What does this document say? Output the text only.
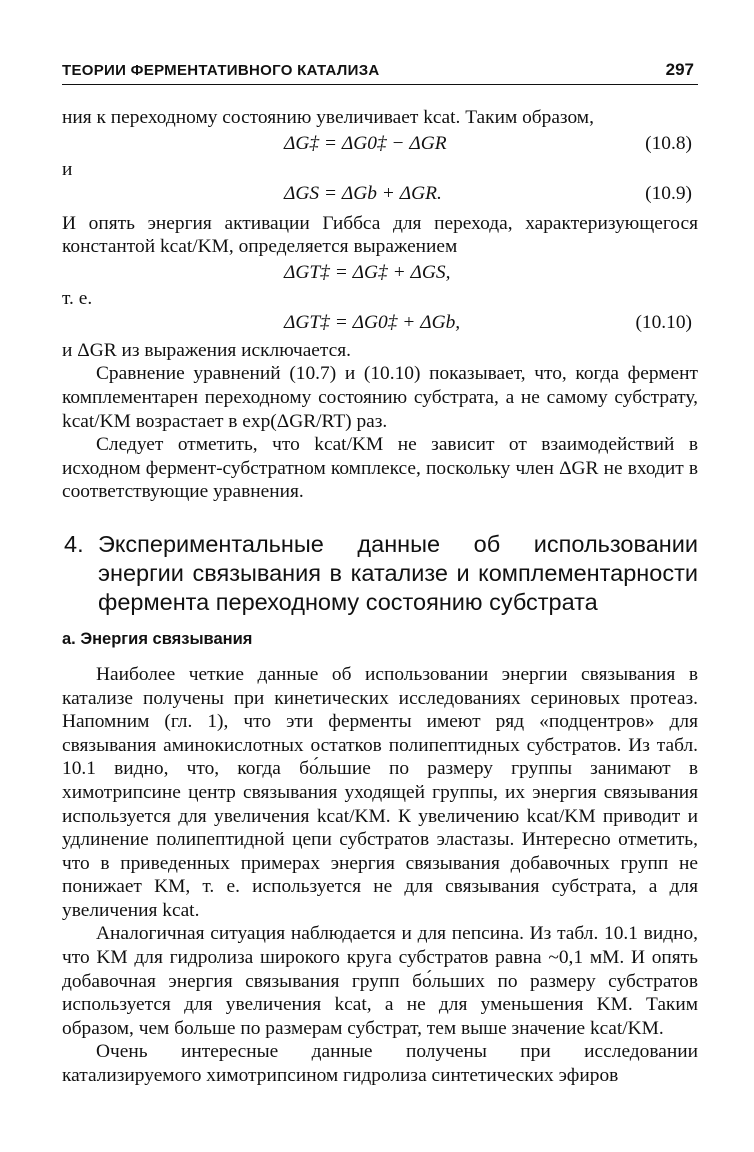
ТЕОРИИ ФЕРМЕНТАТИВНОГО КАТАЛИЗА	297

ния к переходному состоянию увеличивает kcat. Таким образом,

ΔG‡ = ΔG0‡ − ΔGR	(10.8)

и

ΔGS = ΔGb + ΔGR.	(10.9)

И опять энергия активации Гиббса для перехода, характеризующегося константой kcat/KM, определяется выражением

ΔGT‡ = ΔG‡ + ΔGS,

т. е.

ΔGT‡ = ΔG0‡ + ΔGb,	(10.10)

и ΔGR из выражения исключается.

Сравнение уравнений (10.7) и (10.10) показывает, что, когда фермент комплементарен переходному состоянию субстрата, а не самому субстрату, kcat/KM возрастает в exp(ΔGR/RT) раз.

Следует отметить, что kcat/KM не зависит от взаимодействий в исходном фермент-субстратном комплексе, поскольку член ΔGR не входит в соответствующие уравнения.

4. Экспериментальные данные об использовании энергии связывания в катализе и комплементарности фермента переходному состоянию субстрата
а. Энергия связывания

Наиболее четкие данные об использовании энергии связывания в катализе получены при кинетических исследованиях сериновых протеаз. Напомним (гл. 1), что эти ферменты имеют ряд «подцентров» для связывания аминокислотных остатков полипептидных субстратов. Из табл. 10.1 видно, что, когда бо́льшие по размеру группы занимают в химотрипсине центр связывания уходящей группы, их энергия связывания используется для увеличения kcat/KM. К увеличению kcat/KM приводит и удлинение полипептидной цепи субстратов эластазы. Интересно отметить, что в приведенных примерах энергия связывания добавочных групп не понижает KM, т. е. используется не для связывания субстрата, а для увеличения kcat.

Аналогичная ситуация наблюдается и для пепсина. Из табл. 10.1 видно, что KM для гидролиза широкого круга субстратов равна ~0,1 мМ. И опять добавочная энергия связывания групп бо́льших по размеру субстратов используется для увеличения kcat, а не для уменьшения KM. Таким образом, чем больше по размерам субстрат, тем выше значение kcat/KM.

Очень интересные данные получены при исследовании катализируемого химотрипсином гидролиза синтетических эфиров
